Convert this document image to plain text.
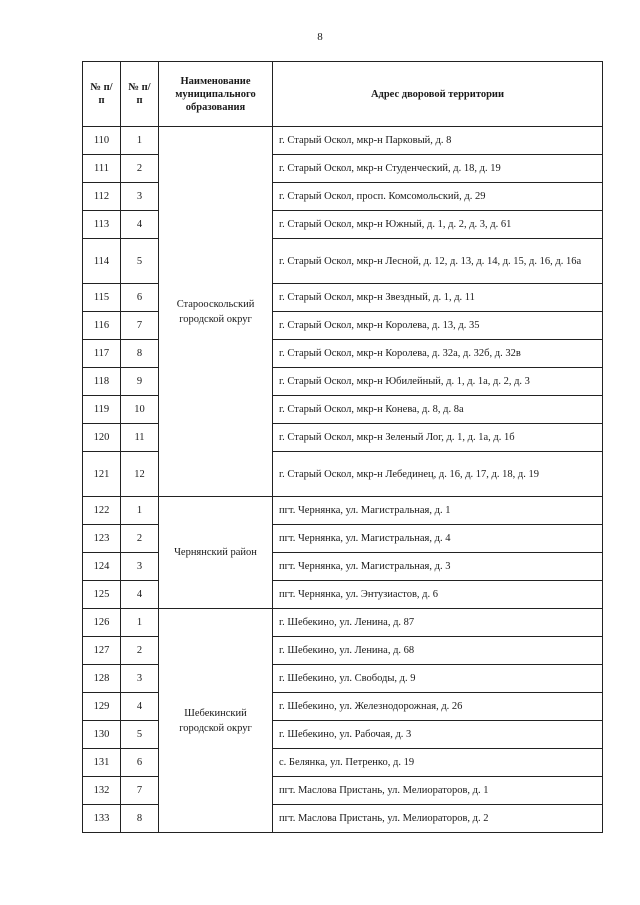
8
№ п/п	№ п/п	Наименование муниципального образования	Адрес дворовой территории
110	1	Старооскольский городской округ	г. Старый Оскол, мкр-н Парковый, д. 8
111	2		г. Старый Оскол, мкр-н Студенческий, д. 18, д. 19
112	3		г. Старый Оскол, просп. Комсомольский, д. 29
113	4		г. Старый Оскол, мкр-н Южный, д. 1, д. 2, д. 3, д. 61
114	5		г. Старый Оскол, мкр-н Лесной, д. 12, д. 13, д. 14, д. 15, д. 16, д. 16а
115	6		г. Старый Оскол, мкр-н Звездный, д. 1, д. 11
116	7		г. Старый Оскол, мкр-н Королева, д. 13, д. 35
117	8		г. Старый Оскол, мкр-н Королева, д. 32а, д. 32б, д. 32в
118	9		г. Старый Оскол, мкр-н Юбилейный, д. 1, д. 1а, д. 2, д. 3
119	10		г. Старый Оскол, мкр-н Конева, д. 8, д. 8а
120	11		г. Старый Оскол, мкр-н Зеленый Лог, д. 1, д. 1а, д. 1б
121	12		г. Старый Оскол, мкр-н Лебединец, д. 16, д. 17, д. 18, д. 19
122	1	Чернянский район	пгт. Чернянка, ул. Магистральная, д. 1
123	2		пгт. Чернянка, ул. Магистральная, д. 4
124	3		пгт. Чернянка, ул. Магистральная, д. 3
125	4		пгт. Чернянка, ул. Энтузиастов, д. 6
126	1	Шебекинский городской округ	г. Шебекино, ул. Ленина, д. 87
127	2		г. Шебекино, ул. Ленина, д. 68
128	3		г. Шебекино, ул. Свободы, д. 9
129	4		г. Шебекино, ул. Железнодорожная, д. 26
130	5		г. Шебекино, ул. Рабочая, д. 3
131	6		с. Белянка, ул. Петренко, д. 19
132	7		пгт. Маслова Пристань, ул. Мелиораторов, д. 1
133	8		пгт. Маслова Пристань, ул. Мелиораторов, д. 2
